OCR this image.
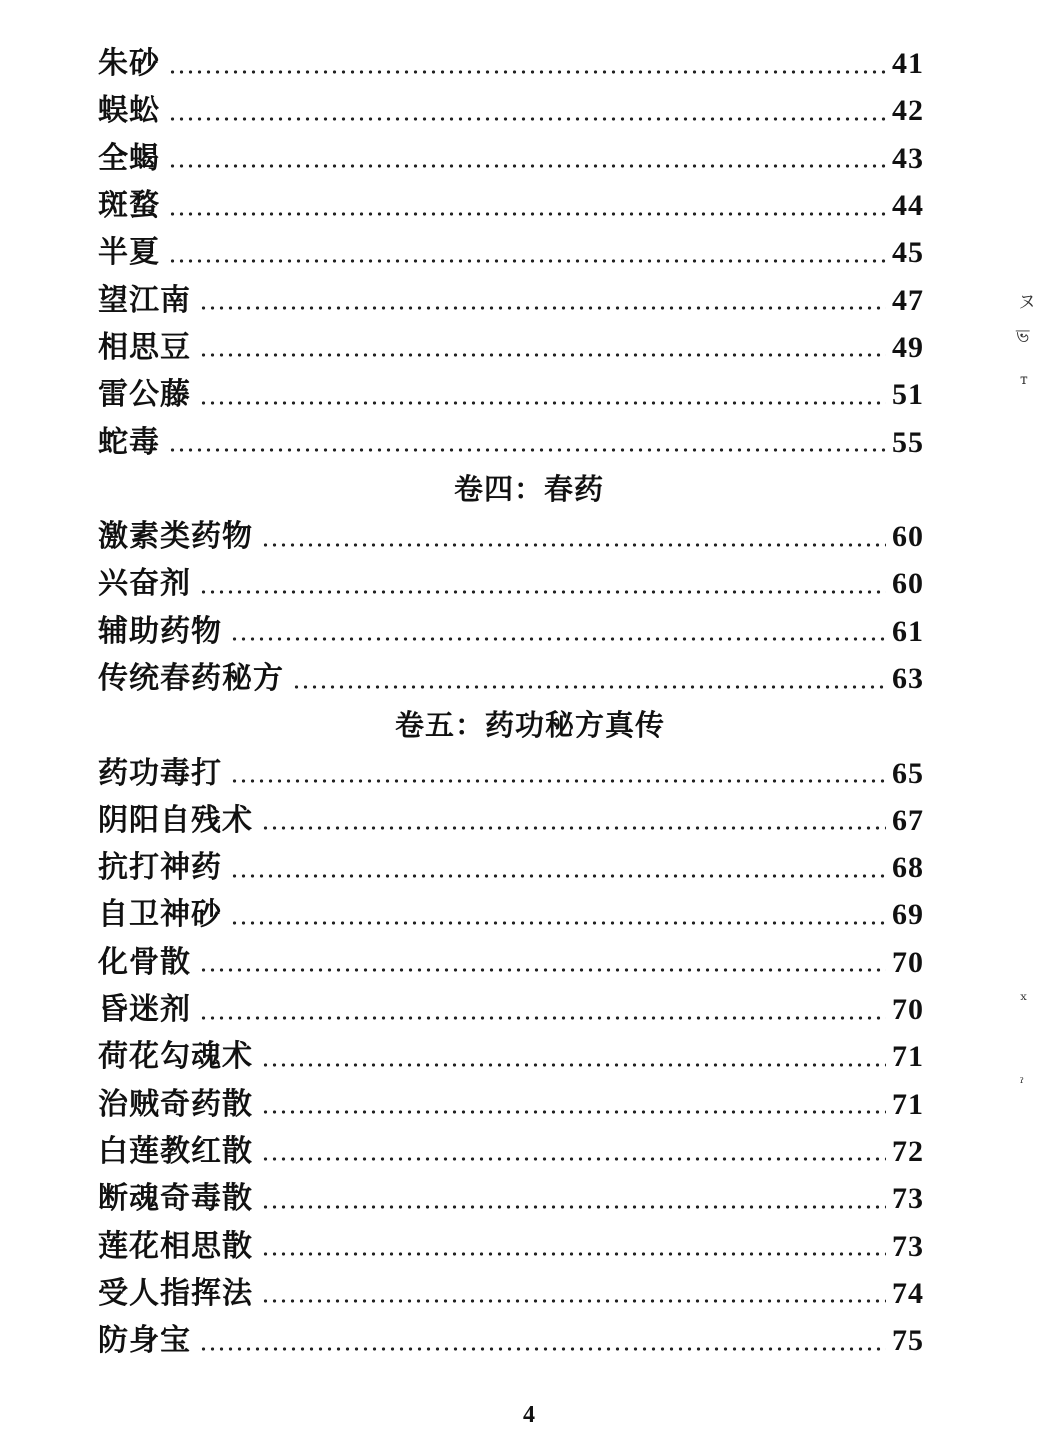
朱砂	41
蜈蚣	42
全蝎	43
斑蝥	44
半夏	45
望江南	47
相思豆	49
雷公藤	51
蛇毒	55
卷四：春药
激素类药物	60
兴奋剂	60
辅助药物	61
传统春药秘方	63
卷五：药功秘方真传
药功毒打	65
阴阳自残术	67
抗打神药	68
自卫神砂	69
化骨散	70
昏迷剂	70
荷花勾魂术	71
治贼奇药散	71
白莲教红散	72
断魂奇毒散	73
莲花相思散	73
受人指挥法	74
防身宝	75
ヌ
ভ
ᴛ
ₓ
ˀ
4
